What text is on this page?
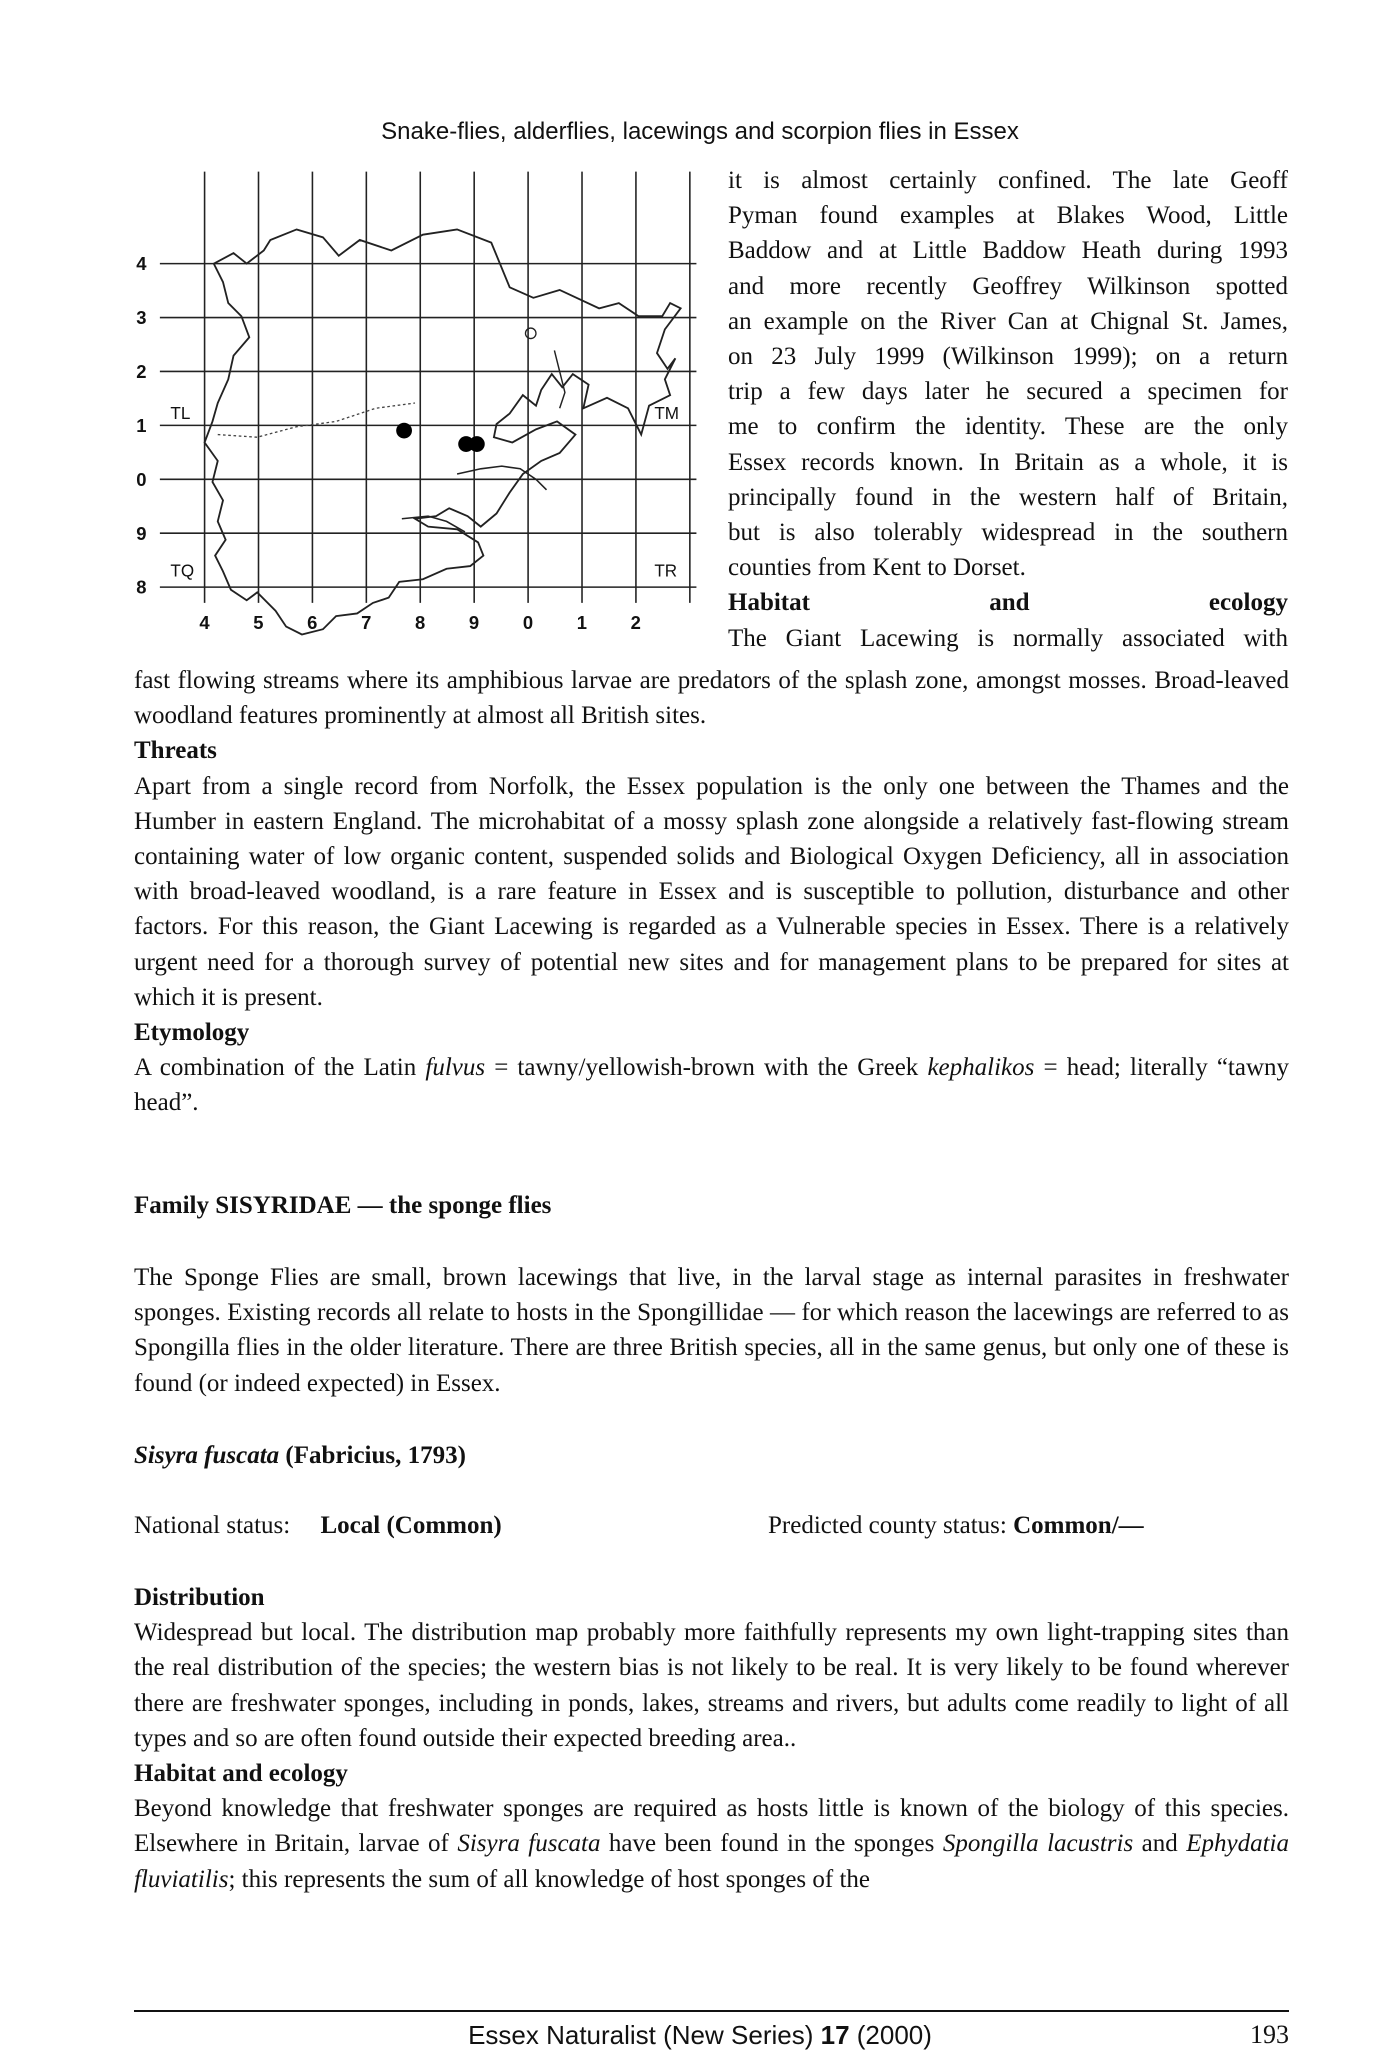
Snake-flies, alderflies, lacewings and scorpion flies in Essex
4
3
2
1
0
9
8
4	5	6	7	8	9	0	1	2
TL	TM
TQ	TR

it is almost certainly confined. The late Geoff

Pyman found examples at Blakes Wood, Little

Baddow and at Little Baddow Heath during 1993

and more recently Geoffrey Wilkinson spotted

an example on the River Can at Chignal St. James,

on 23 July 1999 (Wilkinson 1999); on a return

trip a few days later he secured a specimen for

me to confirm the identity. These are the only

Essex records known. In Britain as a whole, it is

principally found in the western half of Britain,

but is also tolerably widespread in the southern

counties from Kent to Dorset.

Habitat and ecology

The Giant Lacewing is normally associated with

fast flowing streams where its amphibious larvae are predators of the splash zone, amongst mosses. Broad-leaved woodland features prominently at almost all British sites.

Threats

Apart from a single record from Norfolk, the Essex population is the only one between the Thames and the Humber in eastern England. The microhabitat of a mossy splash zone alongside a relatively fast-flowing stream containing water of low organic content, suspended solids and Biological Oxygen Deficiency, all in association with broad-leaved woodland, is a rare feature in Essex and is susceptible to pollution, disturbance and other factors. For this reason, the Giant Lacewing is regarded as a Vulnerable species in Essex. There is a relatively urgent need for a thorough survey of potential new sites and for management plans to be prepared for sites at which it is present.

Etymology

A combination of the Latin fulvus = tawny/yellowish-brown with the Greek kephalikos = head; literally “tawny head”.

Family SISYRIDAE — the sponge flies

The Sponge Flies are small, brown lacewings that live, in the larval stage as internal parasites in freshwater sponges. Existing records all relate to hosts in the Spongillidae — for which reason the lacewings are referred to as Spongilla flies in the older literature. There are three British species, all in the same genus, but only one of these is found (or indeed expected) in Essex.

Sisyra fuscata (Fabricius, 1793)
National status: Local (Common)	Predicted county status: Common/—

Distribution

Widespread but local. The distribution map probably more faithfully represents my own light-trapping sites than the real distribution of the species; the western bias is not likely to be real. It is very likely to be found wherever there are freshwater sponges, including in ponds, lakes, streams and rivers, but adults come readily to light of all types and so are often found outside their expected breeding area..

Habitat and ecology

Beyond knowledge that freshwater sponges are required as hosts little is known of the biology of this species. Elsewhere in Britain, larvae of Sisyra fuscata have been found in the sponges Spongilla lacustris and Ephydatia fluviatilis; this represents the sum of all knowledge of host sponges of the

Essex Naturalist (New Series) 17 (2000)	193
